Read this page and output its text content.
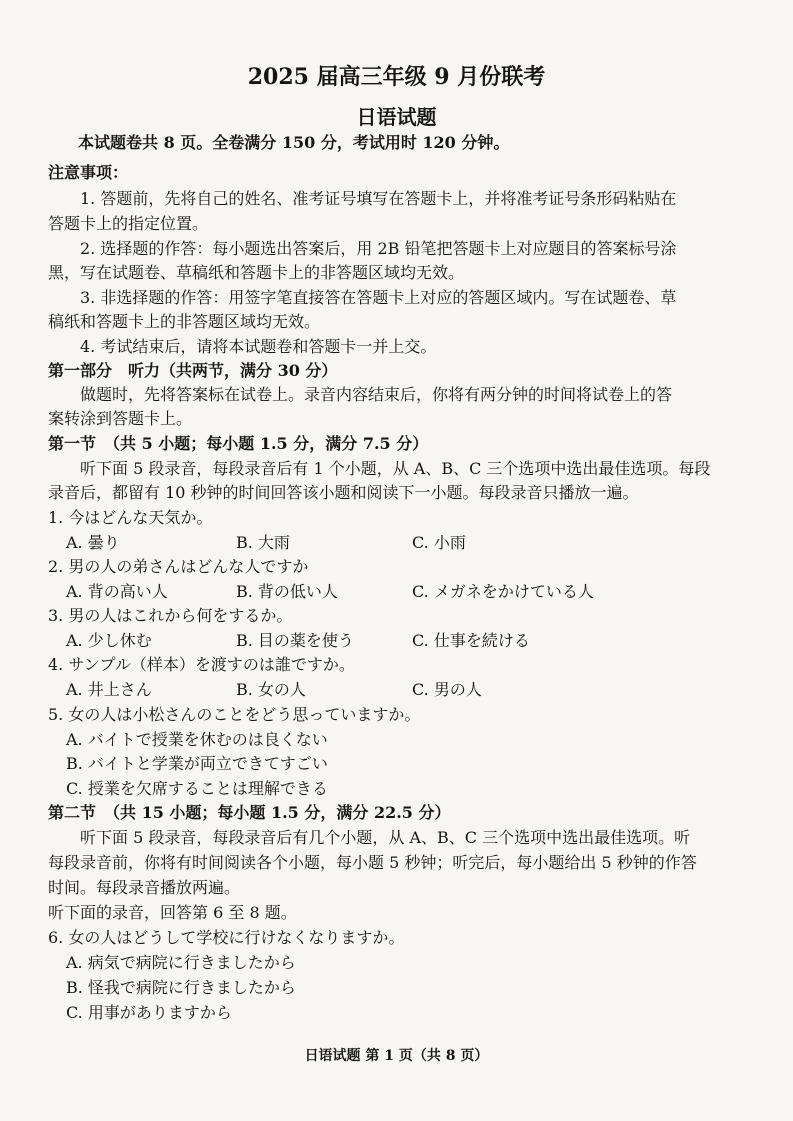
2025 届高三年级 9 月份联考
日语试题
本试题卷共 8 页。全卷满分 150 分，考试用时 120 分钟。
注意事项：
1. 答题前，先将自己的姓名、准考证号填写在答题卡上，并将准考证号条形码粘贴在
答题卡上的指定位置。
2. 选择题的作答：每小题选出答案后，用 2B 铅笔把答题卡上对应题目的答案标号涂
黑，写在试题卷、草稿纸和答题卡上的非答题区域均无效。
3. 非选择题的作答：用签字笔直接答在答题卡上对应的答题区域内。写在试题卷、草
稿纸和答题卡上的非答题区域均无效。
4. 考试结束后，请将本试题卷和答题卡一并上交。
第一部分　听力（共两节，满分 30 分）
做题时，先将答案标在试卷上。录音内容结束后，你将有两分钟的时间将试卷上的答
案转涂到答题卡上。
第一节　（共 5 小题；每小题 1.5 分，满分 7.5 分）
听下面 5 段录音，每段录音后有 1 个小题，从 A、B、C 三个选项中选出最佳选项。每段
录音后，都留有 10 秒钟的时间回答该小题和阅读下一小题。每段录音只播放一遍。
1. 今はどんな天気か。
A. 曇り	B. 大雨	C. 小雨
2. 男の人の弟さんはどんな人ですか
A. 背の高い人	B. 背の低い人	C. メガネをかけている人
3. 男の人はこれから何をするか。
A. 少し休む	B. 目の薬を使う	C. 仕事を続ける
4. サンプル（样本）を渡すのは誰ですか。
A. 井上さん	B. 女の人	C. 男の人
5. 女の人は小松さんのことをどう思っていますか。
A. バイトで授業を休むのは良くない
B. バイトと学業が両立できてすごい
C. 授業を欠席することは理解できる
第二节　（共 15 小题；每小题 1.5 分，满分 22.5 分）
听下面 5 段录音，每段录音后有几个小题，从 A、B、C 三个选项中选出最佳选项。听
每段录音前，你将有时间阅读各个小题，每小题 5 秒钟；听完后，每小题给出 5 秒钟的作答
时间。每段录音播放两遍。
听下面的录音，回答第 6 至 8 题。
6. 女の人はどうして学校に行けなくなりますか。
A. 病気で病院に行きましたから
B. 怪我で病院に行きましたから
C. 用事がありますから
日语试题 第 1 页（共 8 页）
